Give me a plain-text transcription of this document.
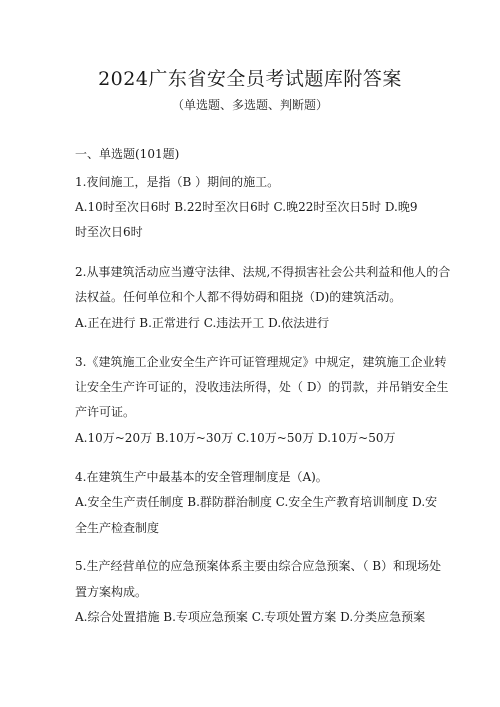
2024广东省安全员考试题库附答案
（单选题、多选题、判断题）
一、单选题(101题)
1.夜间施工，是指（B ）期间的施工。
A.10时至次日6时 B.22时至次日6时 C.晚22时至次日5时 D.晚9
时至次日6时
2.从事建筑活动应当遵守法律、法规,不得损害社会公共利益和他人的合
法权益。任何单位和个人都不得妨碍和阻挠（D)的建筑活动。
A.正在进行 B.正常进行 C.违法开工 D.依法进行
3.《建筑施工企业安全生产许可证管理规定》中规定，建筑施工企业转
让安全生产许可证的，没收违法所得，处（ D）的罚款，并吊销安全生
产许可证。
A.10万~20万 B.10万~30万 C.10万~50万 D.10万~50万
4.在建筑生产中最基本的安全管理制度是（A)。
A.安全生产责任制度 B.群防群治制度 C.安全生产教育培训制度 D.安
全生产检查制度
5.生产经营单位的应急预案体系主要由综合应急预案、（ B）和现场处
置方案构成。
A.综合处置措施 B.专项应急预案 C.专项处置方案 D.分类应急预案
